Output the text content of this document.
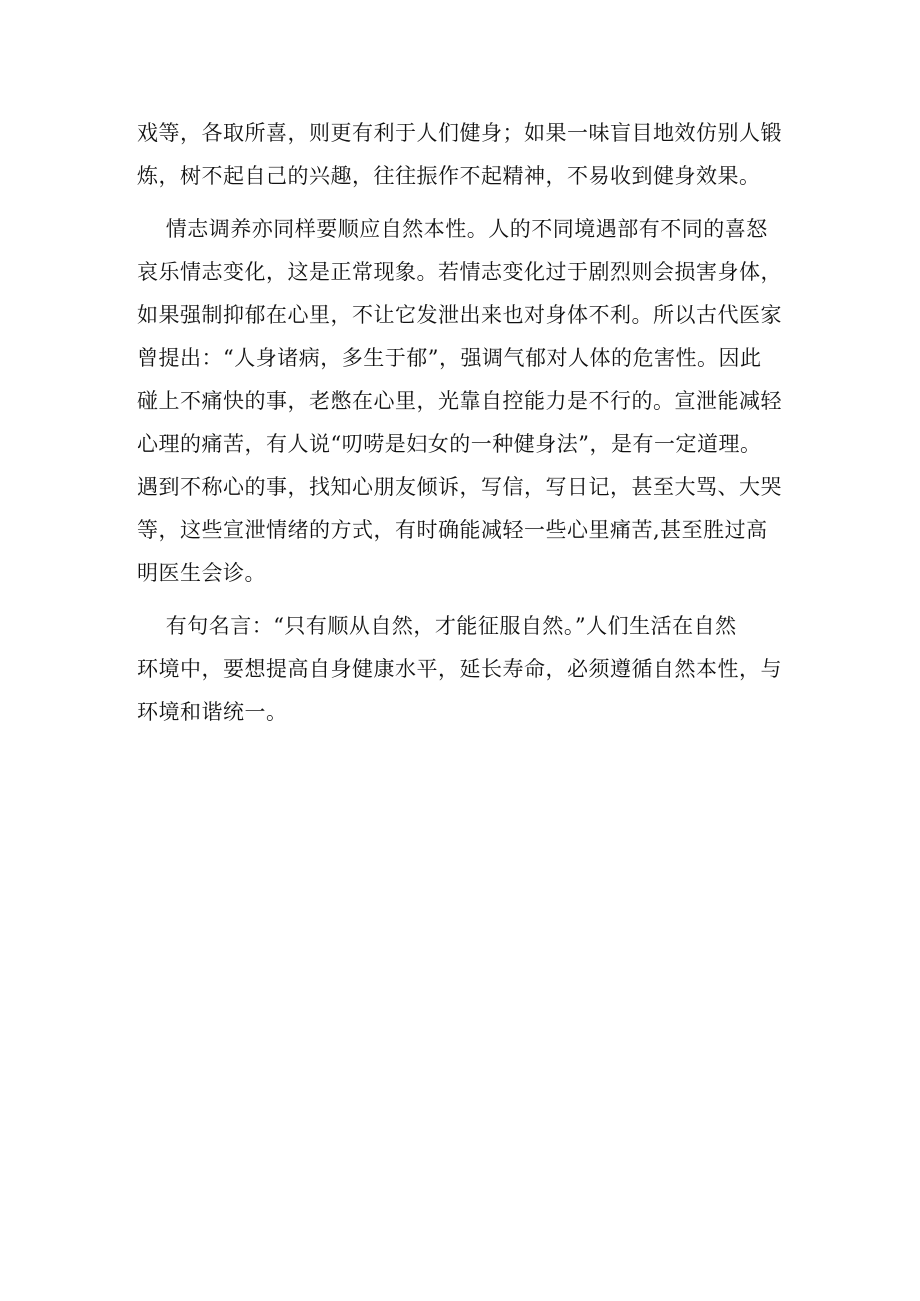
戏等，各取所喜，则更有利于人们健身；如果一味盲目地效仿别人锻
炼，树不起自己的兴趣，往往振作不起精神，不易收到健身效果。
情志调养亦同样要顺应自然本性。人的不同境遇部有不同的喜怒
哀乐情志变化，这是正常现象。若情志变化过于剧烈则会损害身体，
如果强制抑郁在心里，不让它发泄出来也对身体不利。所以古代医家
曾提出：“人身诸病，多生于郁”，强调气郁对人体的危害性。因此
碰上不痛快的事，老憋在心里，光靠自控能力是不行的。宣泄能减轻
心理的痛苦，有人说“叨唠是妇女的一种健身法”，是有一定道理。
遇到不称心的事，找知心朋友倾诉，写信，写日记，甚至大骂、大哭
等，这些宣泄情绪的方式，有时确能减轻一些心里痛苦,甚至胜过高
明医生会诊。
有句名言：“只有顺从自然，才能征服自然。”人们生活在自然
环境中，要想提高自身健康水平，延长寿命，必须遵循自然本性，与
环境和谐统一。
